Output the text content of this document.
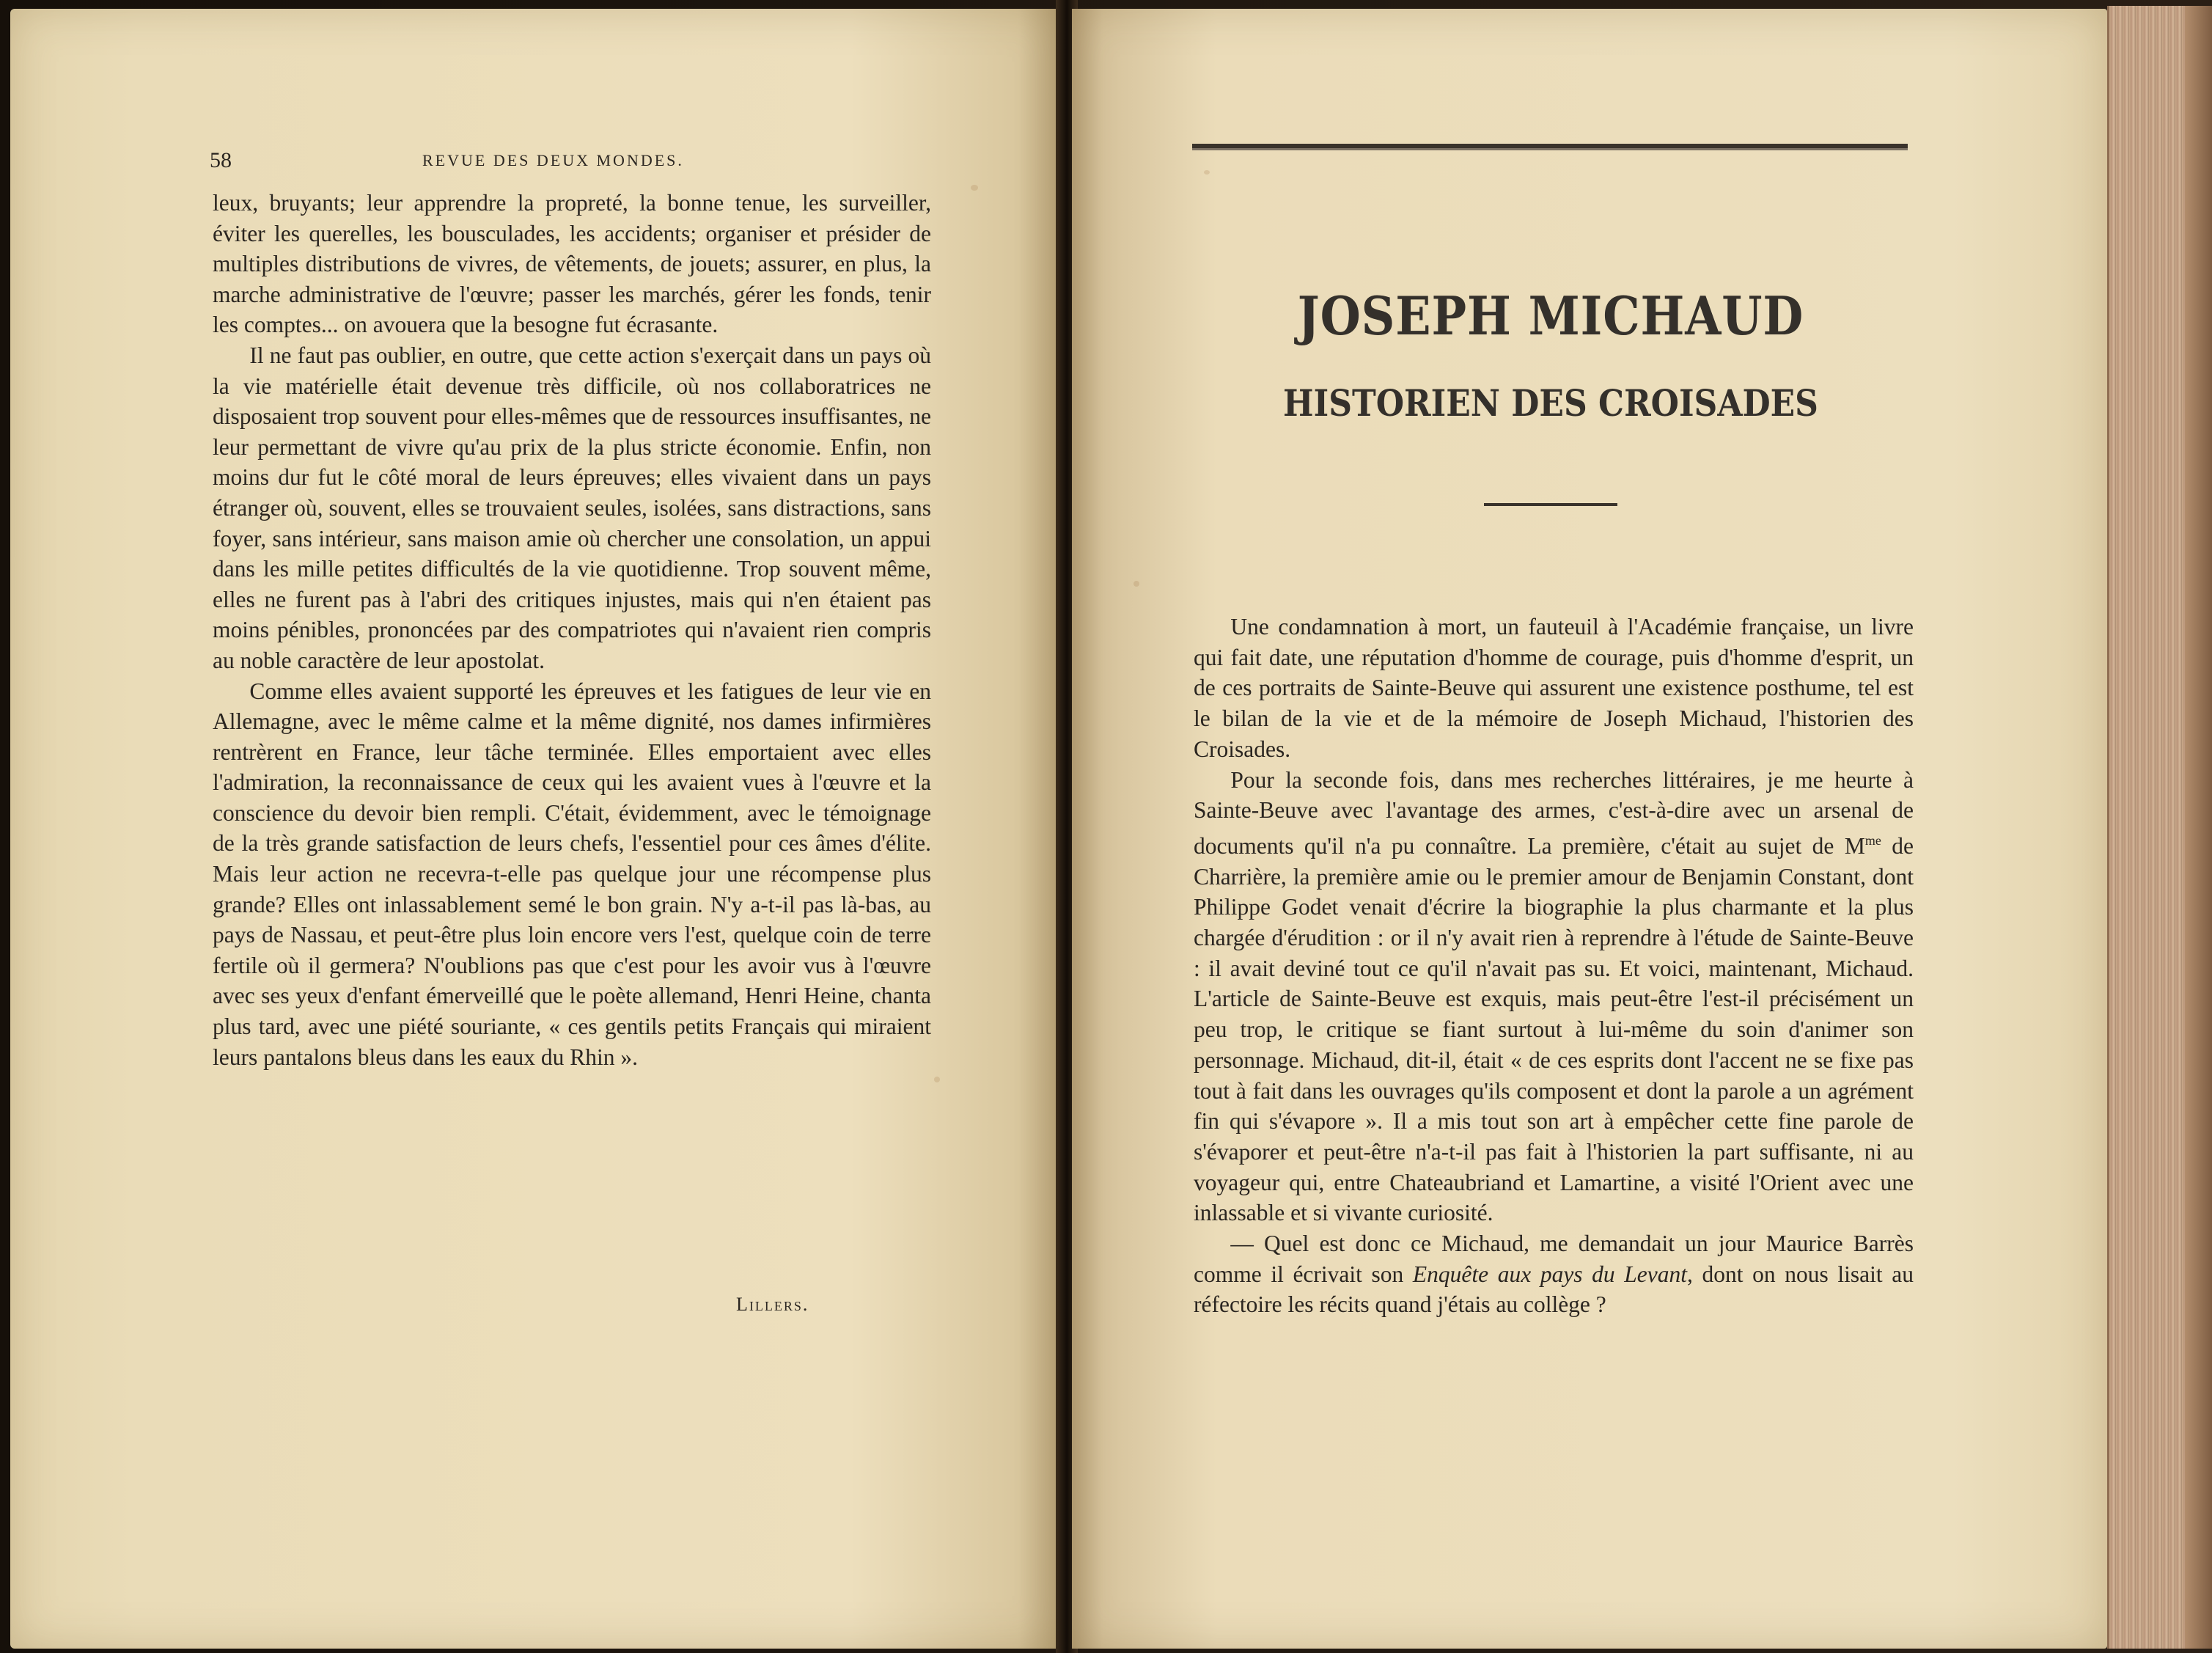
58	REVUE DES DEUX MONDES.

leux, bruyants; leur apprendre la propreté, la bonne tenue, les surveiller, éviter les querelles, les bousculades, les accidents; organiser et présider de multiples distributions de vivres, de vêtements, de jouets; assurer, en plus, la marche administrative de l'œuvre; passer les marchés, gérer les fonds, tenir les comptes... on avouera que la besogne fut écrasante.

Il ne faut pas oublier, en outre, que cette action s'exerçait dans un pays où la vie matérielle était devenue très difficile, où nos collaboratrices ne disposaient trop souvent pour elles-mêmes que de ressources insuffisantes, ne leur permettant de vivre qu'au prix de la plus stricte économie. Enfin, non moins dur fut le côté moral de leurs épreuves; elles vivaient dans un pays étranger où, souvent, elles se trouvaient seules, isolées, sans distractions, sans foyer, sans intérieur, sans maison amie où chercher une consolation, un appui dans les mille petites difficultés de la vie quotidienne. Trop souvent même, elles ne furent pas à l'abri des critiques injustes, mais qui n'en étaient pas moins pénibles, prononcées par des compatriotes qui n'avaient rien compris au noble caractère de leur apostolat.

Comme elles avaient supporté les épreuves et les fatigues de leur vie en Allemagne, avec le même calme et la même dignité, nos dames infirmières rentrèrent en France, leur tâche terminée. Elles emportaient avec elles l'admiration, la reconnaissance de ceux qui les avaient vues à l'œuvre et la conscience du devoir bien rempli. C'était, évidemment, avec le témoignage de la très grande satisfaction de leurs chefs, l'essentiel pour ces âmes d'élite. Mais leur action ne recevra-t-elle pas quelque jour une récompense plus grande? Elles ont inlassablement semé le bon grain. N'y a-t-il pas là-bas, au pays de Nassau, et peut-être plus loin encore vers l'est, quelque coin de terre fertile où il germera? N'oublions pas que c'est pour les avoir vus à l'œuvre avec ses yeux d'enfant émerveillé que le poète allemand, Henri Heine, chanta plus tard, avec une piété souriante, « ces gentils petits Français qui miraient leurs pantalons bleus dans les eaux du Rhin ».

Lillers.
JOSEPH MICHAUD
HISTORIEN DES CROISADES

Une condamnation à mort, un fauteuil à l'Académie française, un livre qui fait date, une réputation d'homme de courage, puis d'homme d'esprit, un de ces portraits de Sainte-Beuve qui assurent une existence posthume, tel est le bilan de la vie et de la mémoire de Joseph Michaud, l'historien des Croisades.

Pour la seconde fois, dans mes recherches littéraires, je me heurte à Sainte-Beuve avec l'avantage des armes, c'est-à-dire avec un arsenal de documents qu'il n'a pu connaître. La première, c'était au sujet de $M^{me}$ de Charrière, la première amie ou le premier amour de Benjamin Constant, dont Philippe Godet venait d'écrire la biographie la plus charmante et la plus chargée d'érudition : or il n'y avait rien à reprendre à l'étude de Sainte-Beuve : il avait deviné tout ce qu'il n'avait pas su. Et voici, maintenant, Michaud. L'article de Sainte-Beuve est exquis, mais peut-être l'est-il précisément un peu trop, le critique se fiant surtout à lui-même du soin d'animer son personnage. Michaud, dit-il, était « de ces esprits dont l'accent ne se fixe pas tout à fait dans les ouvrages qu'ils composent et dont la parole a un agrément fin qui s'évapore ». Il a mis tout son art à empêcher cette fine parole de s'évaporer et peut-être n'a-t-il pas fait à l'historien la part suffisante, ni au voyageur qui, entre Chateaubriand et Lamartine, a visité l'Orient avec une inlassable et si vivante curiosité.

— Quel est donc ce Michaud, me demandait un jour Maurice Barrès comme il écrivait son Enquête aux pays du Levant, dont on nous lisait au réfectoire les récits quand j'étais au collège ?
